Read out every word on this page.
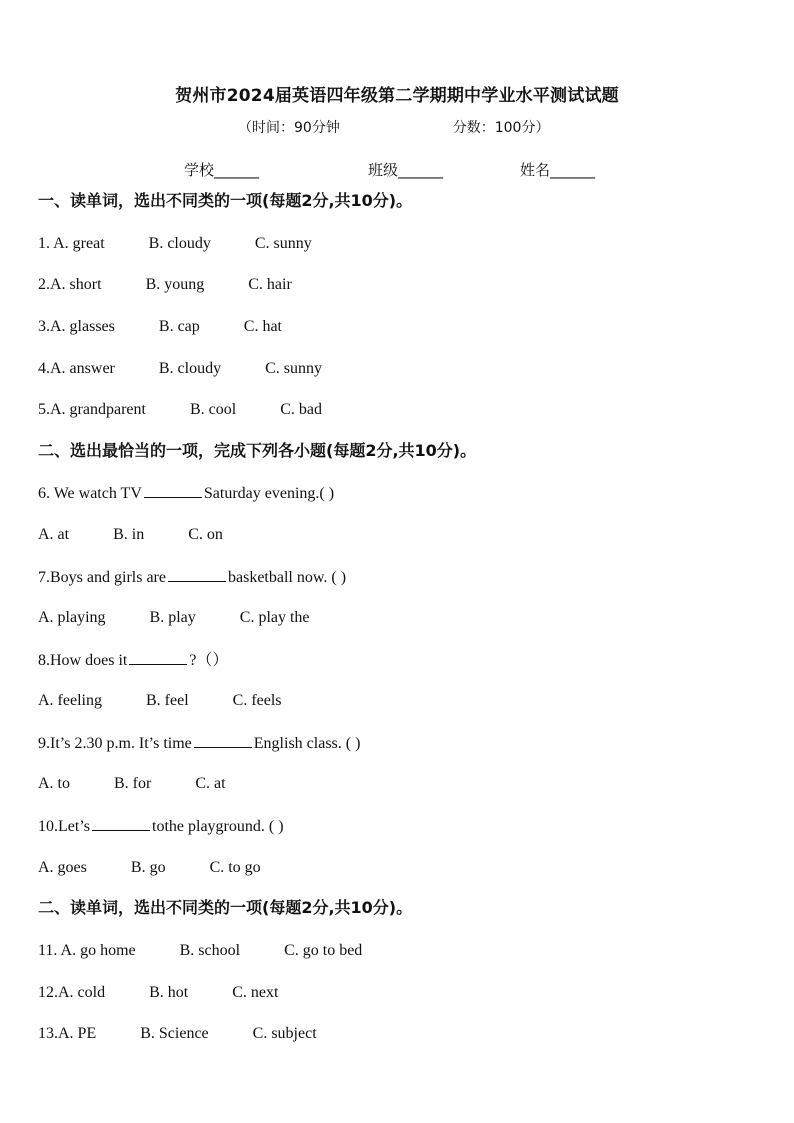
贺州市2024届英语四年级第二学期期中学业水平测试试题
（时间：90分钟	分数：100分）
学校______	班级______	姓名______
一、读单词，选出不同类的一项(每题2分,共10分)。
1. A. great	B. cloudy	C. sunny
2.A. short	B. young	C. hair
3.A. glasses	B. cap	C. hat
4.A. answer	B. cloudy	C. sunny
5.A. grandparent	B. cool	C. bad
二、选出最恰当的一项，完成下列各小题(每题2分,共10分)。
6. We watch TV	Saturday evening.( )
A. at	B. in	C. on
7.Boys and girls are	basketball now. ( )
A. playing	B. play	C. play the
8.How does it	?（）
A. feeling	B. feel	C. feels
9.It’s 2.30 p.m. It’s time	English class. ( )
A. to	B. for	C. at
10.Let’s	tothe playground. ( )
A. goes	B. go	C. to go
二、读单词，选出不同类的一项(每题2分,共10分)。
11. A. go home	B. school	C. go to bed
12.A. cold	B. hot	C. next
13.A. PE	B. Science	C. subject
